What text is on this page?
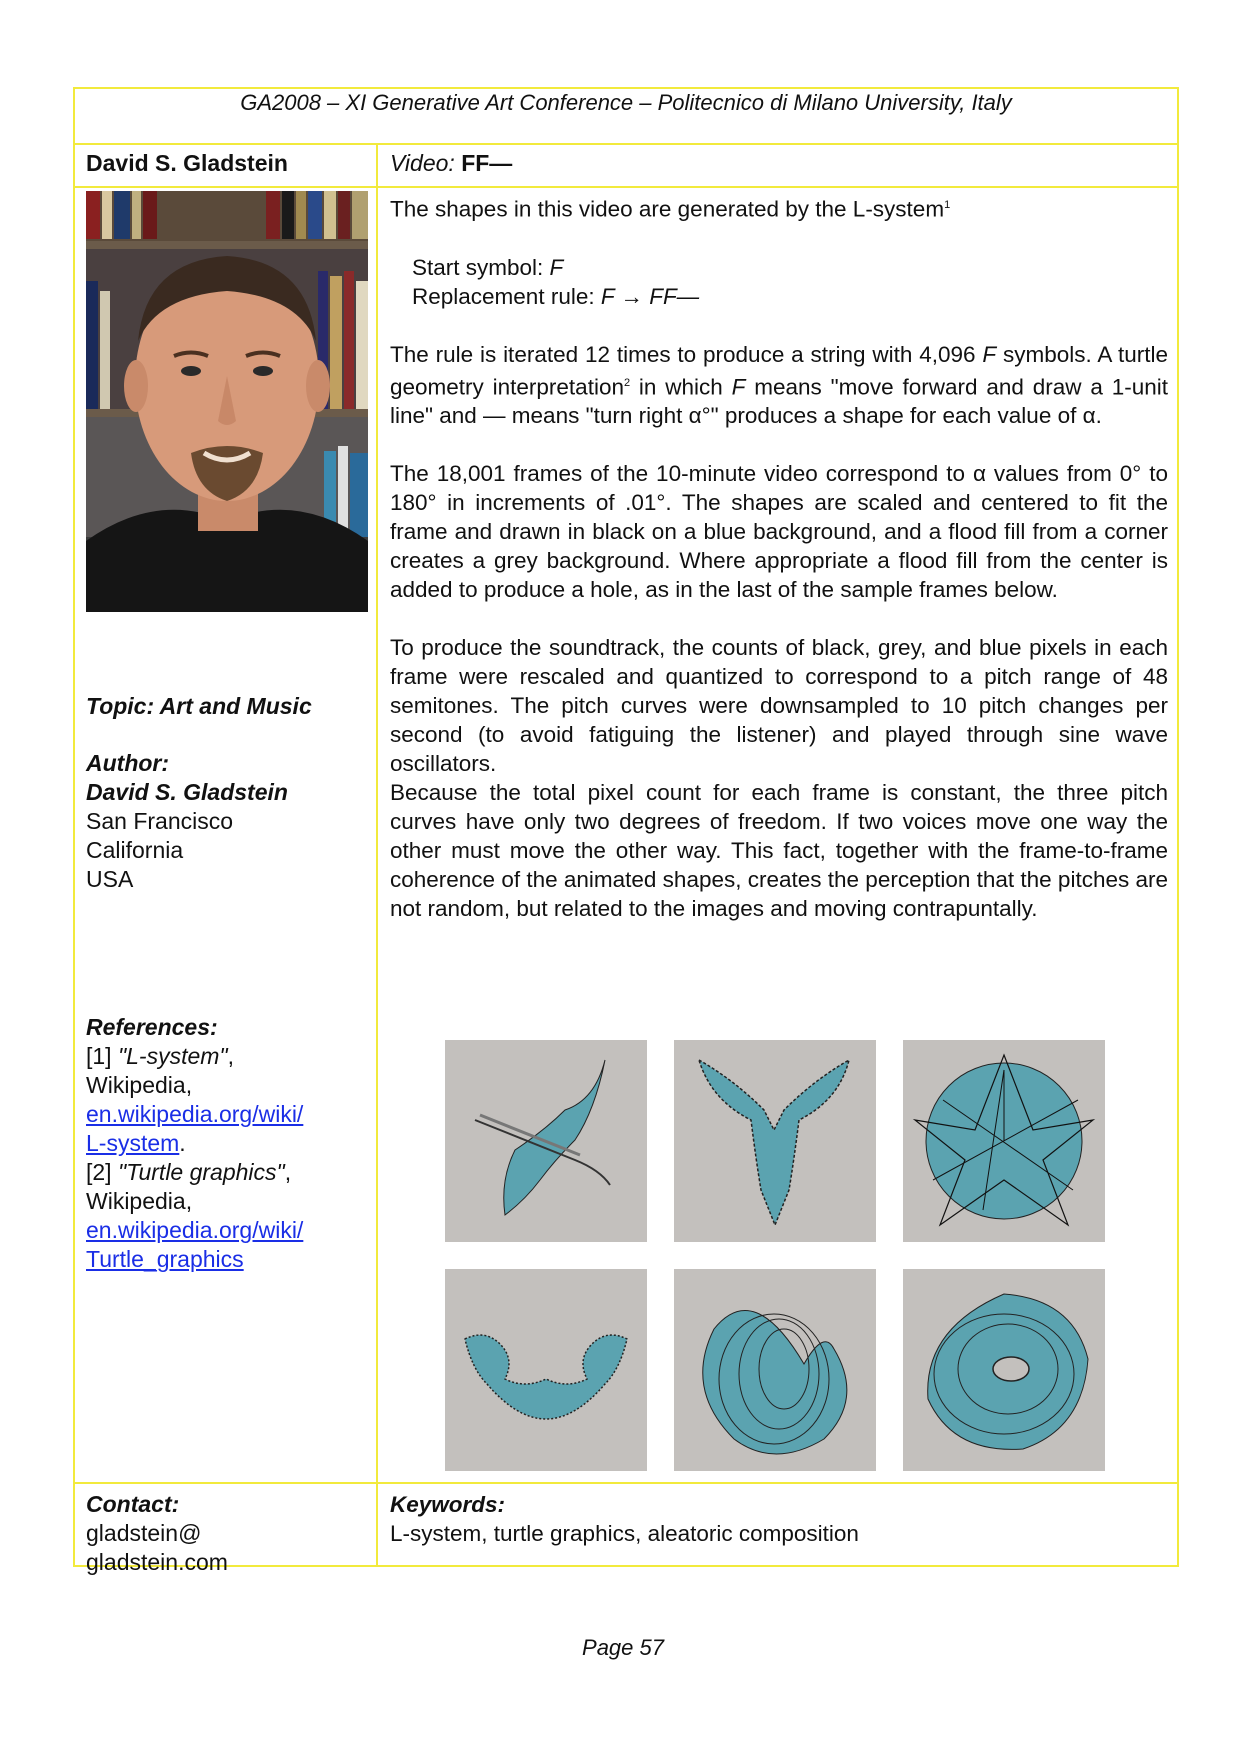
GA2008 – XI Generative Art Conference – Politecnico di Milano University, Italy
David S. Gladstein	Video: FF—
Topic: Art and Music
Author:
David S. Gladstein
San Francisco
California
USA
References:
[1] "L-system",
Wikipedia,
en.wikipedia.org/wiki/
L-system.
[2] "Turtle graphics",
Wikipedia,
en.wikipedia.org/wiki/
Turtle_graphics

The shapes in this video are generated by the L-system$^1$

Start symbol: F

Replacement rule: F → FF—

The rule is iterated 12 times to produce a string with 4,096 F symbols. A turtle geometry interpretation$^2$ in which F means "move forward and draw a 1-unit line" and — means "turn right α°" produces a shape for each value of α.

The 18,001 frames of the 10-minute video correspond to α values from 0° to 180° in increments of .01°. The shapes are scaled and centered to fit the frame and drawn in black on a blue background, and a flood fill from a corner creates a grey background. Where appropriate a flood fill from the center is added to produce a hole, as in the last of the sample frames below.

To produce the soundtrack, the counts of black, grey, and blue pixels in each frame were rescaled and quantized to correspond to a pitch range of 48 semitones. The pitch curves were downsampled to 10 pitch changes per second (to avoid fatiguing the listener) and played through sine wave oscillators.

Because the total pixel count for each frame is constant, the three pitch curves have only two degrees of freedom. If two voices move one way the other must move the other way. This fact, together with the frame-to-frame coherence of the animated shapes, creates the perception that the pitches are not random, but related to the images and moving contrapuntally.

Contact:
gladstein@
gladstein.com
Keywords:
L-system, turtle graphics, aleatoric composition
Page 57
